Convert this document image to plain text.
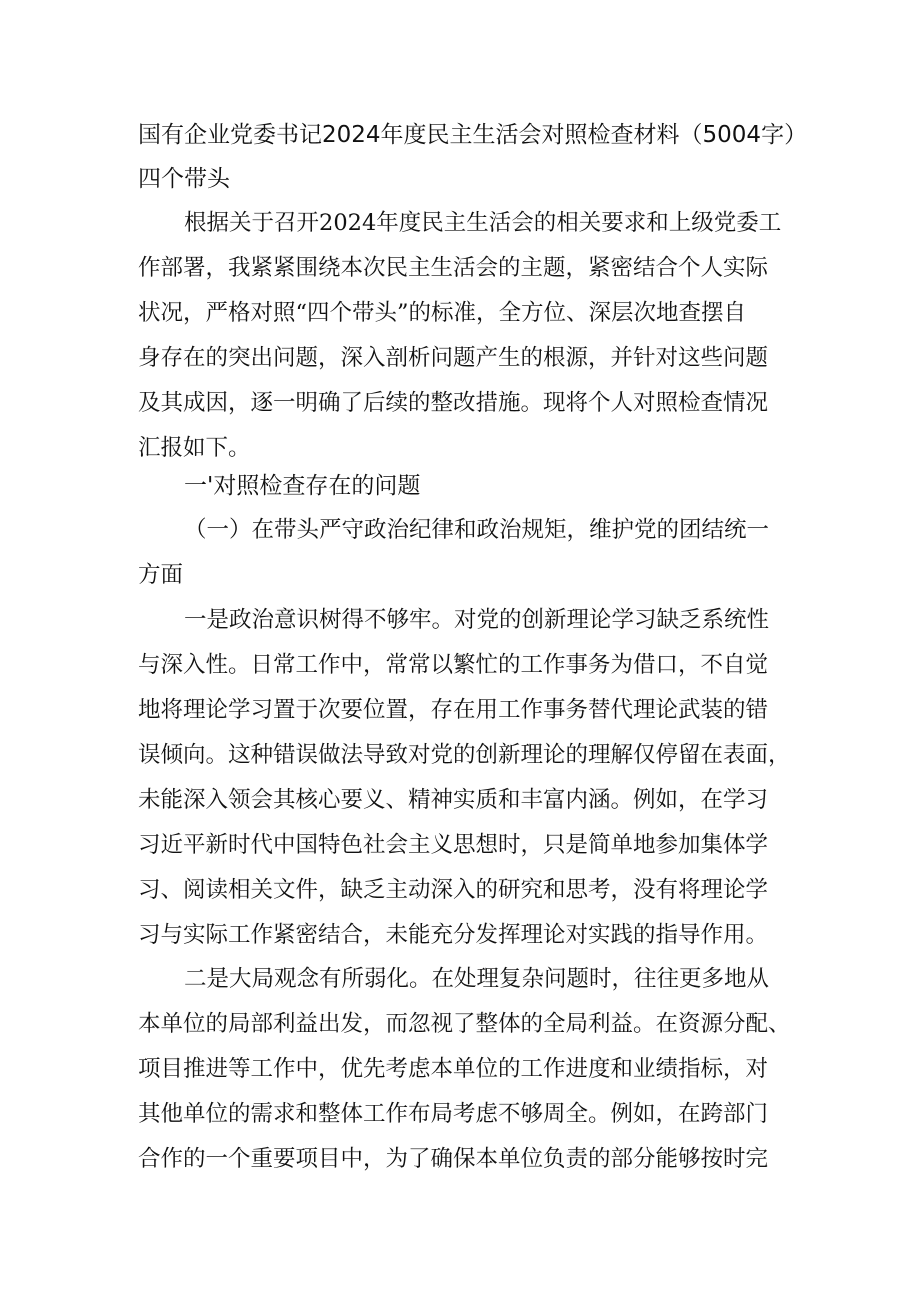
国有企业党委书记2024年度民主生活会对照检查材料（5004字）
四个带头
根据关于召开2024年度民主生活会的相关要求和上级党委工
作部署，我紧紧围绕本次民主生活会的主题，紧密结合个人实际
状况，严格对照“四个带头”的标准，全方位、深层次地查摆自
身存在的突出问题，深入剖析问题产生的根源，并针对这些问题
及其成因，逐一明确了后续的整改措施。现将个人对照检查情况
汇报如下。
一'对照检查存在的问题
（一）在带头严守政治纪律和政治规矩，维护党的团结统一
方面
一是政治意识树得不够牢。对党的创新理论学习缺乏系统性
与深入性。日常工作中，常常以繁忙的工作事务为借口，不自觉
地将理论学习置于次要位置，存在用工作事务替代理论武装的错
误倾向。这种错误做法导致对党的创新理论的理解仅停留在表面，
未能深入领会其核心要义、精神实质和丰富内涵。例如，在学习
习近平新时代中国特色社会主义思想时，只是简单地参加集体学
习、阅读相关文件，缺乏主动深入的研究和思考，没有将理论学
习与实际工作紧密结合，未能充分发挥理论对实践的指导作用。
二是大局观念有所弱化。在处理复杂问题时，往往更多地从
本单位的局部利益出发，而忽视了整体的全局利益。在资源分配、
项目推进等工作中，优先考虑本单位的工作进度和业绩指标，对
其他单位的需求和整体工作布局考虑不够周全。例如，在跨部门
合作的一个重要项目中，为了确保本单位负责的部分能够按时完
